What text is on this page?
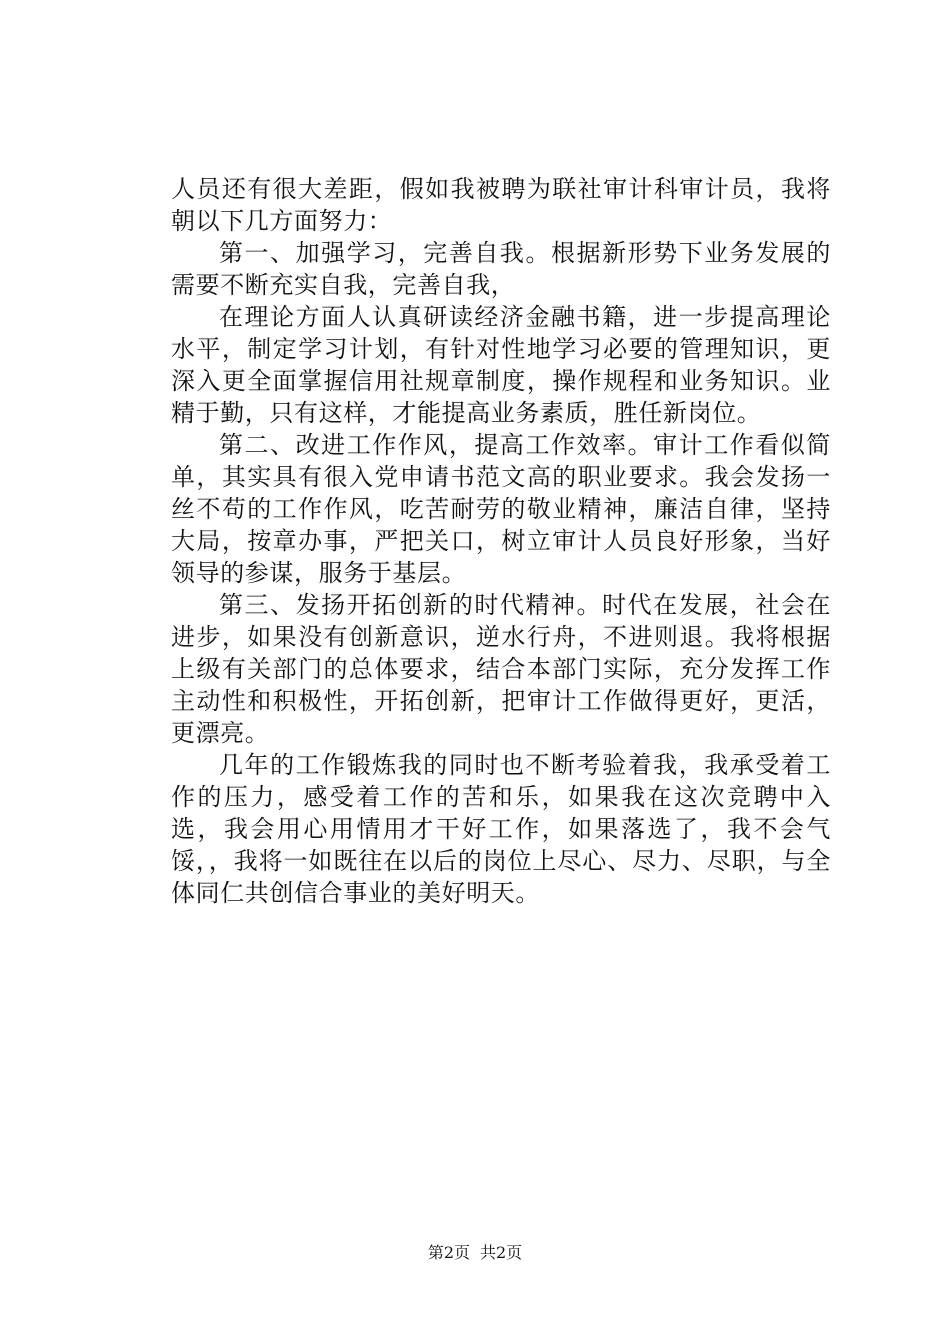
人员还有很大差距，假如我被聘为联社审计科审计员，我将朝以下几方面努力：

第一、加强学习，完善自我。根据新形势下业务发展的需要不断充实自我，完善自我，

在理论方面人认真研读经济金融书籍，进一步提高理论水平，制定学习计划，有针对性地学习必要的管理知识，更深入更全面掌握信用社规章制度，操作规程和业务知识。业精于勤，只有这样，才能提高业务素质，胜任新岗位。

第二、改进工作作风，提高工作效率。审计工作看似简单，其实具有很入党申请书范文高的职业要求。我会发扬一丝不苟的工作作风，吃苦耐劳的敬业精神，廉洁自律，坚持大局，按章办事，严把关口，树立审计人员良好形象，当好领导的参谋，服务于基层。

第三、发扬开拓创新的时代精神。时代在发展，社会在进步，如果没有创新意识，逆水行舟，不进则退。我将根据上级有关部门的总体要求，结合本部门实际，充分发挥工作主动性和积极性，开拓创新，把审计工作做得更好，更活，更漂亮。

几年的工作锻炼我的同时也不断考验着我，我承受着工作的压力，感受着工作的苦和乐，如果我在这次竞聘中入选，我会用心用情用才干好工作，如果落选了，我不会气馁，，我将一如既往在以后的岗位上尽心、尽力、尽职，与全体同仁共创信合事业的美好明天。

第2页 共2页
